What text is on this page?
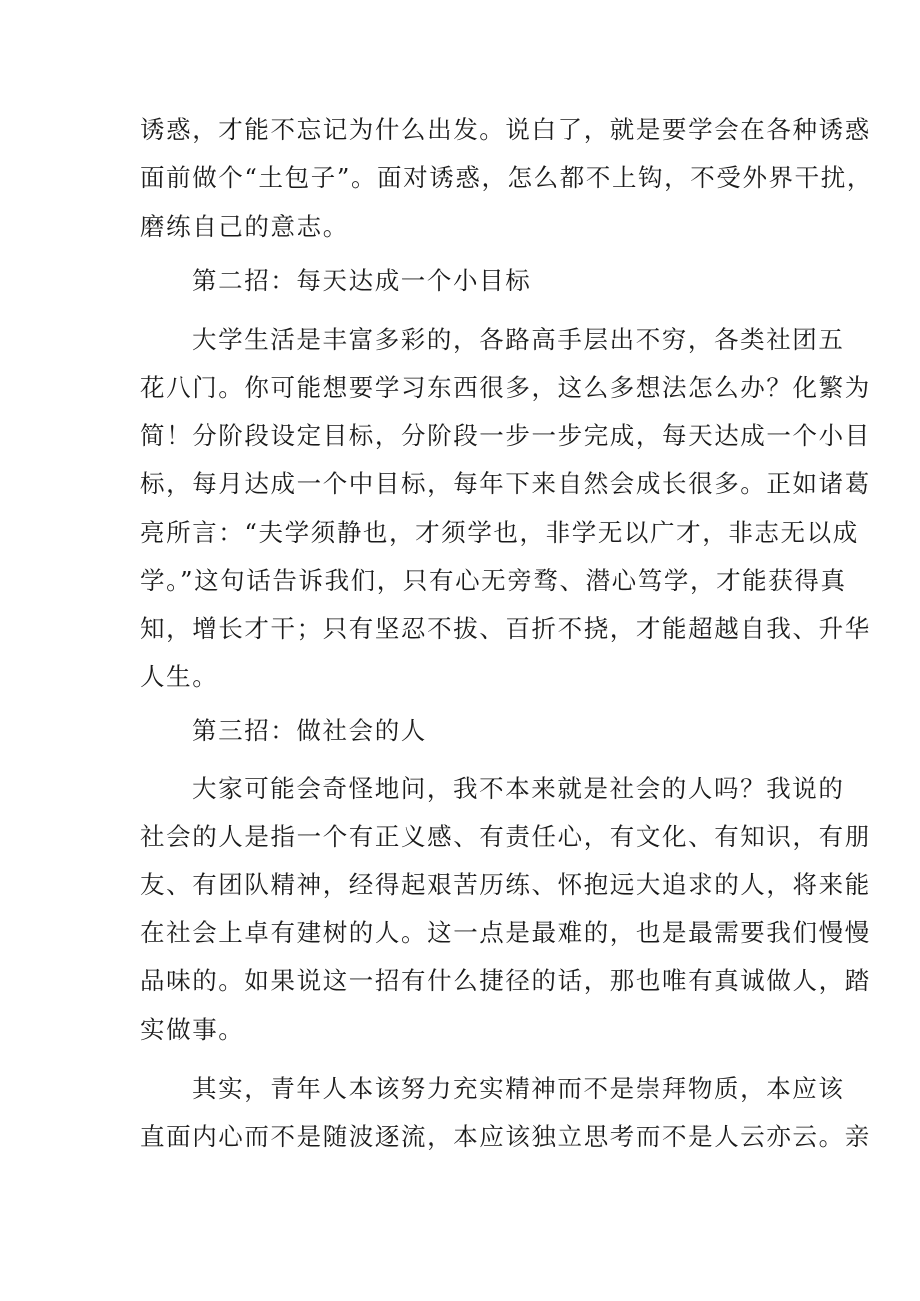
诱惑，才能不忘记为什么出发。说白了，就是要学会在各种诱惑
面前做个“土包子”。面对诱惑，怎么都不上钩，不受外界干扰，
磨练自己的意志。
第二招：每天达成一个小目标
大学生活是丰富多彩的，各路高手层出不穷，各类社团五
花八门。你可能想要学习东西很多，这么多想法怎么办？化繁为
简！分阶段设定目标，分阶段一步一步完成，每天达成一个小目
标，每月达成一个中目标，每年下来自然会成长很多。正如诸葛
亮所言：“夫学须静也，才须学也，非学无以广才，非志无以成
学。”这句话告诉我们，只有心无旁骛、潜心笃学，才能获得真
知，增长才干；只有坚忍不拔、百折不挠，才能超越自我、升华
人生。
第三招：做社会的人
大家可能会奇怪地问，我不本来就是社会的人吗？我说的
社会的人是指一个有正义感、有责任心，有文化、有知识，有朋
友、有团队精神，经得起艰苦历练、怀抱远大追求的人，将来能
在社会上卓有建树的人。这一点是最难的，也是最需要我们慢慢
品味的。如果说这一招有什么捷径的话，那也唯有真诚做人，踏
实做事。
其实，青年人本该努力充实精神而不是崇拜物质，本应该
直面内心而不是随波逐流，本应该独立思考而不是人云亦云。亲
